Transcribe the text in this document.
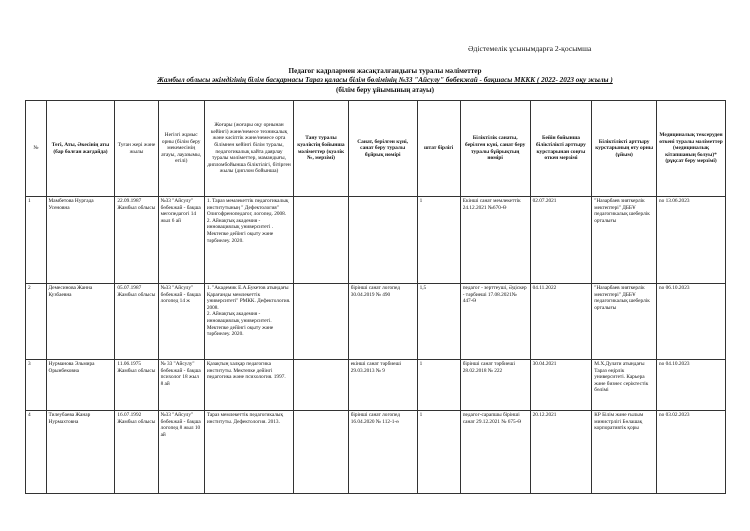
Әдістемелік ұсынымдарға 2-қосымша
Педагог кадрлармен жасақталғандығы туралы мәліметтер
Жамбыл облысы әкімдігінің білім басқармасы Тараз қаласы білім бөлімінің №33 "Айсулу" бөбекжай - бақшасы МККК ( 2022- 2023 оқу жылы )
(білім беру ұйымының атауы)
№	Тегі, Аты, Әкесінің аты (бар болған жағдайда)	Туған жері және жылы	Негізгі жұмыс орны (білім беру мекемесінің атауы, лауазымы, өтілі)	Жоғары (жоғары оқу орнынан кейінгі) және/немесе техникалық және кәсіптік және/немесе орта білімнен кейінгі білім туралы, педагогикалық кайта даярлау туралы мәліметтер, мамандығы, дипломбойынша біліктілігі, бітірген жылы (диплом бойынша)	Тану туралы куәліктің бойынша мәліметтер (куәлік №, мерзімі)	Санат, берілген күні, санат беру туралы бұйрық нөмірі	штат бірлігі	Біліктілік санаты, берілген күні, санат беру туралы бұйрықтың нөмірі	Бейін бойынша біліктілікті арттыру курстарынан соңғы өткен мерзімі	Біліктілікті арттыру курстарының өту орны (ұйым)	Медициналық тексеруден өткені туралы мәліметтер (медициналық кітапшаның болуы)* (рұқсат беру мерзімі)
1	Мамбетова Нургада Усеновна	22.09.1987 Жамбыл облысы	№33 "Айсулу" бөбекжай - бақша мегопедагогі 14 жыл 6 ай	1. Тараз мемлекеттік педагогикалық институтының " Дефектология" Олигофренопедагог, логопед. 2008.
2. Айнақтық академия - инновациялық университеті . Мектепке дейінгі оқыту және тәрбиелеу. 2020.			1	Екінші санат мемлекеттік 24.12.2021 №670-Ө	02.07.2021	"Назарбаев зияткерлік мектептері" ДББҰ педагогикалық шеберлік орталығы	no 13.06.2023
2	Демесинова Жанна Кузбаевна	05.07.1987 Жамбыл облысы	№33 "Айсулу" бөбекжай - бақша логопед 14 ж	1. "Академик Е.А.Букетов атындағы Қарағанды мемлекеттік университеті" РМКК. Дефектология. 2008.
2. Айнақтық академия - инновациялық университеті. Мектепке дейінгі оқыту және тәрбиелеу. 2020.		бірінші санат логопед 30.04.2019 № 490	1,5	педагог - зерттеуші, Әдіскер - тәрбиеші 17.08.2021№ 447-Ө	04.11.2022	"Назарбаев зияткерлік мектептері" ДББҰ педагогикалық шеберлік орталығы	no 06.10.2023
3	Нурманова Эльмира Орынбековна	11.06.1975 Жамбыл облысы	№ 33 "Айсулу" бөбекжай - бақша психолог 18 жыл 8 ай	Қазақтың халқар педагогика институты. Мектепке дейінгі педагогика және психология. 1997.		екінші санат тәрбиеші 29.03.2013 № 9	1	бірінші санат тәрбиеші 28.02.2018 № 222	30.04.2021	М.Х.Дулати атындағы Тараз өңірлік университеті. Карьера және бизнес серіктестік бөлімі	no 04.10.2023
4	Тилеубаева Жанар Нурмахтовна	16.07.1992 Жамбыл облысы	№33 "Айсулу" бөбекжай - бақша логопед 8 жыл 10 ай	Тараз мемлекеттік педагогикалық институты. Дефектология. 2013.		бірінші санат логопед 16.04.2020 № 112-1-ө	1	педагог-сарапшы бірінші санат 29.12.2021 № 675-Ө	20.12.2021	КР Білім және ғылым министрлігі Бөлашақ корпоративтік қоры	no 03.02.2023
